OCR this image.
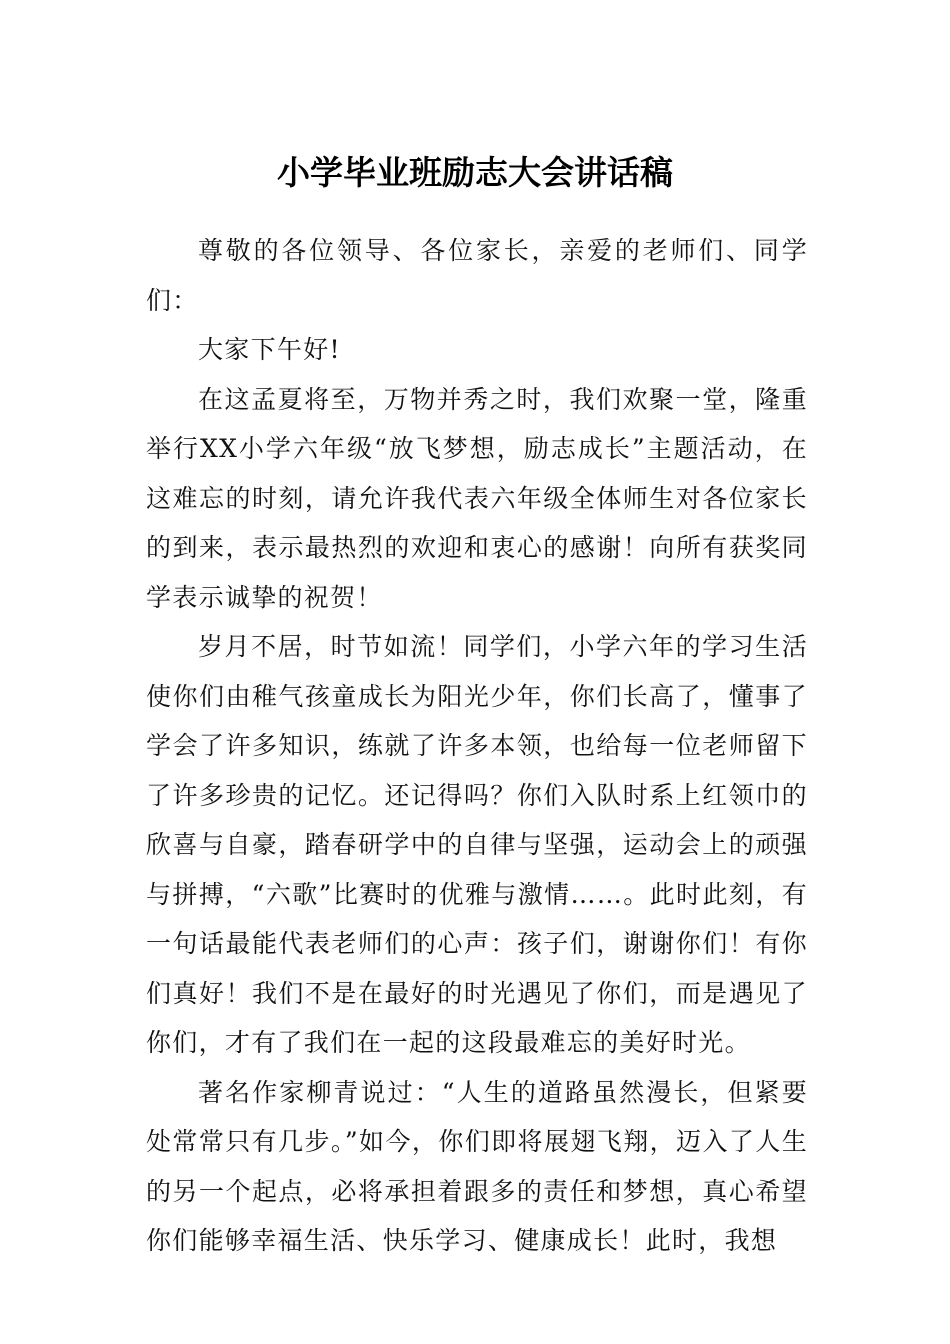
小学毕业班励志大会讲话稿

尊敬的各位领导、各位家长，亲爱的老师们、同学们：

大家下午好!

在这孟夏将至，万物并秀之时，我们欢聚一堂，隆重举行XX小学六年级“放飞梦想，励志成长”主题活动，在这难忘的时刻，请允许我代表六年级全体师生对各位家长的到来，表示最热烈的欢迎和衷心的感谢！向所有获奖同学表示诚挚的祝贺！

岁月不居，时节如流！同学们，小学六年的学习生活使你们由稚气孩童成长为阳光少年，你们长高了，懂事了学会了许多知识，练就了许多本领，也给每一位老师留下了许多珍贵的记忆。还记得吗？你们入队时系上红领巾的欣喜与自豪，踏春研学中的自律与坚强，运动会上的顽强与拼搏，“六歌”比赛时的优雅与激情……。此时此刻，有一句话最能代表老师们的心声：孩子们，谢谢你们！有你们真好！我们不是在最好的时光遇见了你们，而是遇见了你们，才有了我们在一起的这段最难忘的美好时光。

著名作家柳青说过：“人生的道路虽然漫长，但紧要处常常只有几步。”如今，你们即将展翅飞翔，迈入了人生的另一个起点，必将承担着跟多的责任和梦想，真心希望你们能够幸福生活、快乐学习、健康成长！此时，我想
